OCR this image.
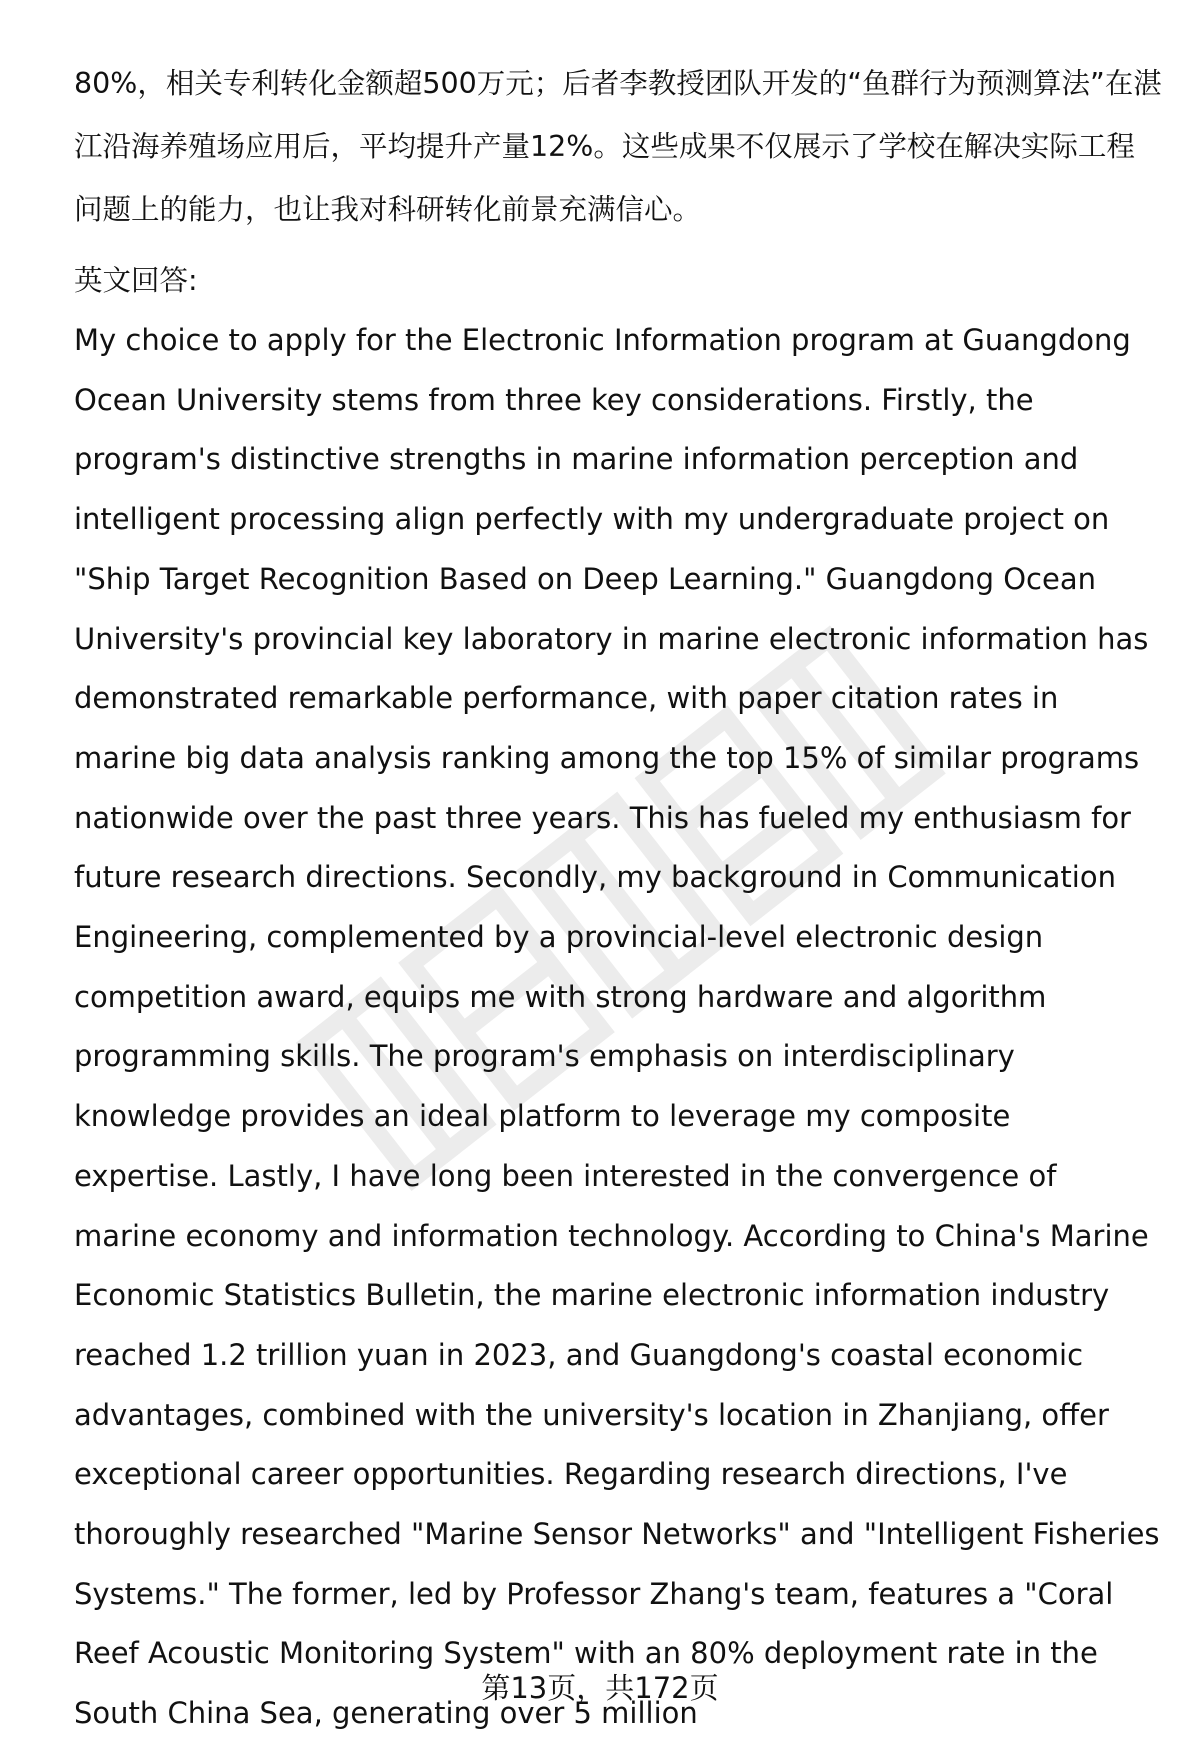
80%，相关专利转化金额超500万元；后者李教授团队开发的“鱼群行为预测算法”在湛江沿海养殖场应用后，平均提升产量12%。这些成果不仅展示了学校在解决实际工程问题上的能力，也让我对科研转化前景充满信心。

英文回答:

My choice to apply for the Electronic Information program at Guangdong Ocean University stems from three key considerations. Firstly, the program's distinctive strengths in marine information perception and intelligent processing align perfectly with my undergraduate project on "Ship Target Recognition Based on Deep Learning." Guangdong Ocean University's provincial key laboratory in marine electronic information has demonstrated remarkable performance, with paper citation rates in marine big data analysis ranking among the top 15% of similar programs nationwide over the past three years. This has fueled my enthusiasm for future research directions. Secondly, my background in Communication Engineering, complemented by a provincial-level electronic design competition award, equips me with strong hardware and algorithm programming skills. The program's emphasis on interdisciplinary knowledge provides an ideal platform to leverage my composite expertise. Lastly, I have long been interested in the convergence of marine economy and information technology. According to China's Marine Economic Statistics Bulletin, the marine electronic information industry reached 1.2 trillion yuan in 2023, and Guangdong's coastal economic advantages, combined with the university's location in Zhanjiang, offer exceptional career opportunities. Regarding research directions, I've thoroughly researched "Marine Sensor Networks" and "Intelligent Fisheries Systems." The former, led by Professor Zhang's team, features a "Coral Reef Acoustic Monitoring System" with an 80% deployment rate in the South China Sea, generating over 5 million

第13页，共172页
